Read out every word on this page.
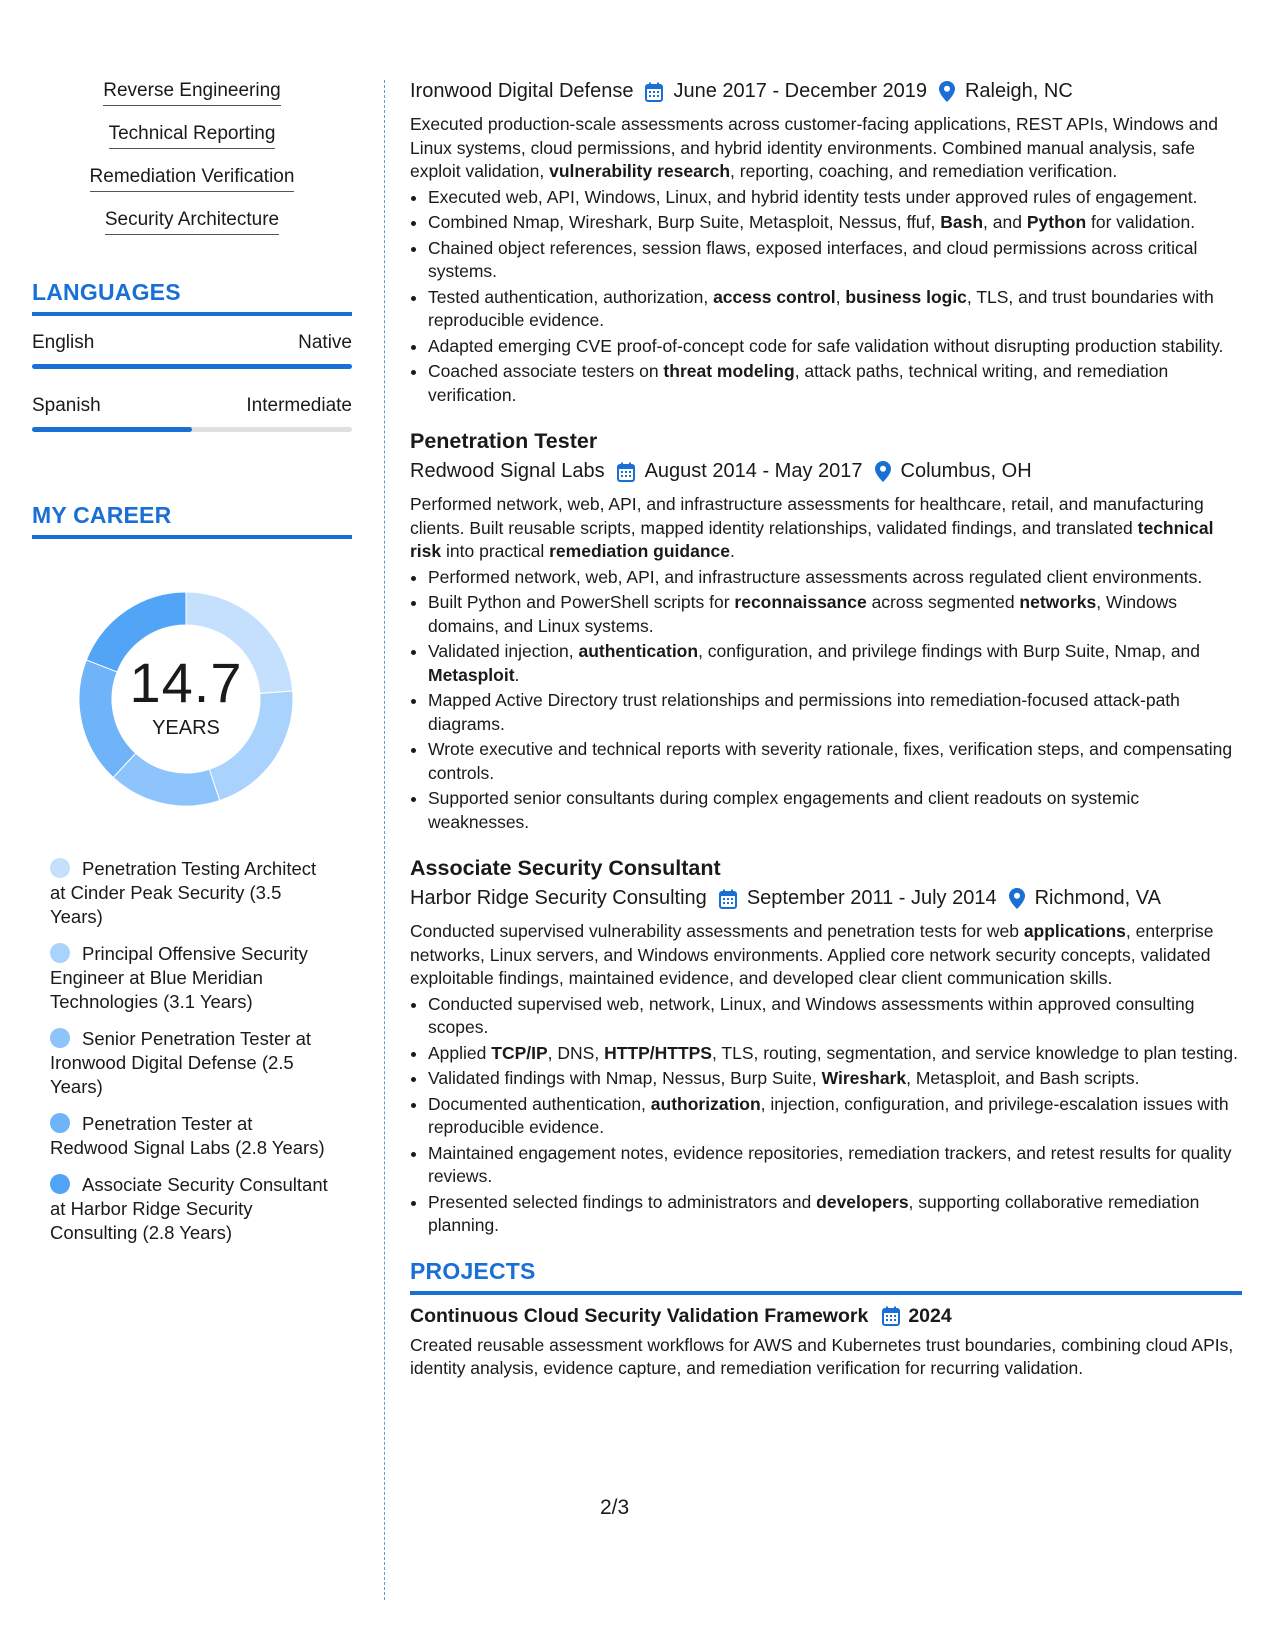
Reverse Engineering
Technical Reporting
Remediation Verification
Security Architecture
LANGUAGES
English	Native
Spanish	Intermediate
MY CAREER
14.7
YEARS
Penetration Testing Architect at Cinder Peak Security (3.5 Years)
Principal Offensive Security Engineer at Blue Meridian Technologies (3.1 Years)
Senior Penetration Tester at Ironwood Digital Defense (2.5 Years)
Penetration Tester at Redwood Signal Labs (2.8 Years)
Associate Security Consultant at Harbor Ridge Security Consulting (2.8 Years)
Ironwood Digital Defense June 2017 - December 2019 Raleigh, NC

Executed production-scale assessments across customer-facing applications, REST APIs, Windows and Linux systems, cloud permissions, and hybrid identity environments. Combined manual analysis, safe exploit validation, vulnerability research, reporting, coaching, and remediation verification.

• Executed web, API, Windows, Linux, and hybrid identity tests under approved rules of engagement.
• Combined Nmap, Wireshark, Burp Suite, Metasploit, Nessus, ffuf, Bash, and Python for validation.
• Chained object references, session flaws, exposed interfaces, and cloud permissions across critical systems.
• Tested authentication, authorization, access control, business logic, TLS, and trust boundaries with reproducible evidence.
• Adapted emerging CVE proof-of-concept code for safe validation without disrupting production stability.
• Coached associate testers on threat modeling, attack paths, technical writing, and remediation verification.
Penetration Tester
Redwood Signal Labs August 2014 - May 2017 Columbus, OH

Performed network, web, API, and infrastructure assessments for healthcare, retail, and manufacturing clients. Built reusable scripts, mapped identity relationships, validated findings, and translated technical risk into practical remediation guidance.

• Performed network, web, API, and infrastructure assessments across regulated client environments.
• Built Python and PowerShell scripts for reconnaissance across segmented networks, Windows domains, and Linux systems.
• Validated injection, authentication, configuration, and privilege findings with Burp Suite, Nmap, and Metasploit.
• Mapped Active Directory trust relationships and permissions into remediation-focused attack-path diagrams.
• Wrote executive and technical reports with severity rationale, fixes, verification steps, and compensating controls.
• Supported senior consultants during complex engagements and client readouts on systemic weaknesses.
Associate Security Consultant
Harbor Ridge Security Consulting September 2011 - July 2014 Richmond, VA

Conducted supervised vulnerability assessments and penetration tests for web applications, enterprise networks, Linux servers, and Windows environments. Applied core network security concepts, validated exploitable findings, maintained evidence, and developed clear client communication skills.

• Conducted supervised web, network, Linux, and Windows assessments within approved consulting scopes.
• Applied TCP/IP, DNS, HTTP/HTTPS, TLS, routing, segmentation, and service knowledge to plan testing.
• Validated findings with Nmap, Nessus, Burp Suite, Wireshark, Metasploit, and Bash scripts.
• Documented authentication, authorization, injection, configuration, and privilege-escalation issues with reproducible evidence.
• Maintained engagement notes, evidence repositories, remediation trackers, and retest results for quality reviews.
• Presented selected findings to administrators and developers, supporting collaborative remediation planning.
PROJECTS
Continuous Cloud Security Validation Framework 2024

Created reusable assessment workflows for AWS and Kubernetes trust boundaries, combining cloud APIs, identity analysis, evidence capture, and remediation verification for recurring validation.

2/3
